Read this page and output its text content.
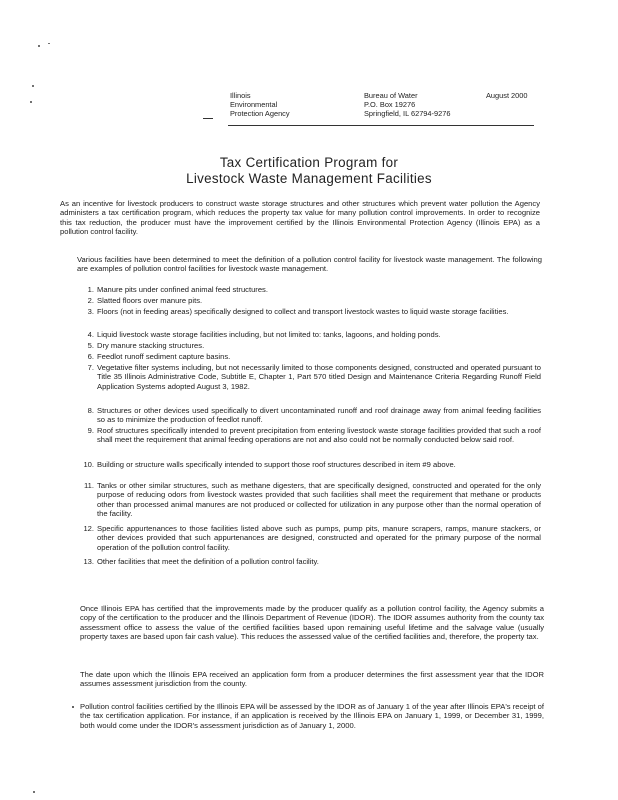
Illinois
Environmental
Protection Agency
Bureau of Water
P.O. Box 19276
Springfield, IL 62794-9276
August 2000
Tax Certification Program for
Livestock Waste Management Facilities
As an incentive for livestock producers to construct waste storage structures and other structures which prevent water pollution the Agency administers a tax certification program, which reduces the property tax value for many pollution control improvements. In order to recognize this tax reduction, the producer must have the improvement certified by the Illinois Environmental Protection Agency (Illinois EPA) as a pollution control facility.
Various facilities have been determined to meet the definition of a pollution control facility for livestock waste management. The following are examples of pollution control facilities for livestock waste management.
1. Manure pits under confined animal feed structures.
2. Slatted floors over manure pits.
3. Floors (not in feeding areas) specifically designed to collect and transport livestock wastes to liquid waste storage facilities.
4. Liquid livestock waste storage facilities including, but not limited to: tanks, lagoons, and holding ponds.
5. Dry manure stacking structures.
6. Feedlot runoff sediment capture basins.
7. Vegetative filter systems including, but not necessarily limited to those components designed, constructed and operated pursuant to Title 35 Illinois Administrative Code, Subtitle E, Chapter 1, Part 570 titled Design and Maintenance Criteria Regarding Runoff Field Application Systems adopted August 3, 1982.
8. Structures or other devices used specifically to divert uncontaminated runoff and roof drainage away from animal feeding facilities so as to minimize the production of feedlot runoff.
9. Roof structures specifically intended to prevent precipitation from entering livestock waste storage facilities provided that such a roof shall meet the requirement that animal feeding operations are not and also could not be normally conducted below said roof.
10. Building or structure walls specifically intended to support those roof structures described in item #9 above.
11. Tanks or other similar structures, such as methane digesters, that are specifically designed, constructed and operated for the only purpose of reducing odors from livestock wastes provided that such facilities shall meet the requirement that methane or products other than processed animal manures are not produced or collected for utilization in any purpose other than the normal operation of the facility.
12. Specific appurtenances to those facilities listed above such as pumps, pump pits, manure scrapers, ramps, manure stackers, or other devices provided that such appurtenances are designed, constructed and operated for the primary purpose of the normal operation of the pollution control facility.
13. Other facilities that meet the definition of a pollution control facility.
Once Illinois EPA has certified that the improvements made by the producer qualify as a pollution control facility, the Agency submits a copy of the certification to the producer and the Illinois Department of Revenue (IDOR). The IDOR assumes authority from the county tax assessment office to assess the value of the certified facilities based upon remaining useful lifetime and the salvage value (usually property taxes are based upon fair cash value). This reduces the assessed value of the certified facilities and, therefore, the property tax.
The date upon which the Illinois EPA received an application form from a producer determines the first assessment year that the IDOR assumes assessment jurisdiction from the county.
Pollution control facilities certified by the Illinois EPA will be assessed by the IDOR as of January 1 of the year after Illinois EPA's receipt of the tax certification application. For instance, if an application is received by the Illinois EPA on January 1, 1999, or December 31, 1999, both would come under the IDOR's assessment jurisdiction as of January 1, 2000.
